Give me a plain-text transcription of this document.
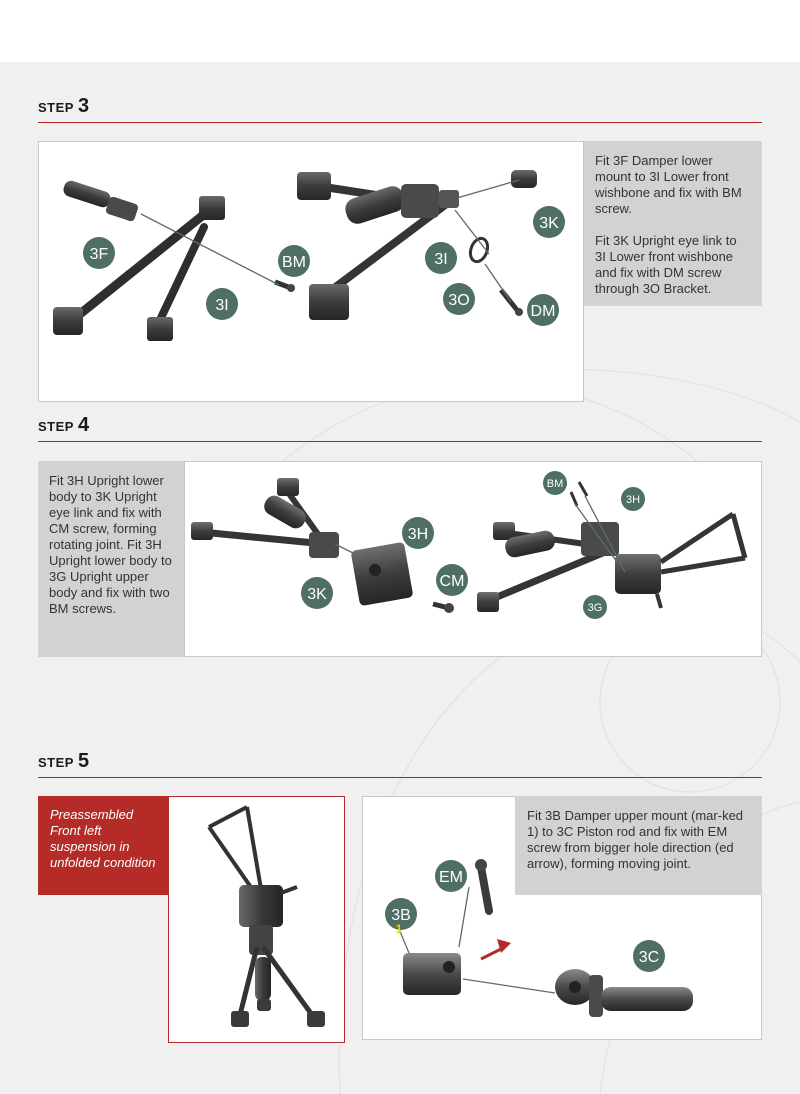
STEP 3
3F	BM
3I
3K
3I
3O
DM

Fit 3F Damper lower mount to 3I Lower front wishbone and fix with BM screw.

Fit 3K Upright eye link to 3I Lower front wishbone and fix with DM screw through 3O Bracket.

STEP 4

Fit 3H Upright lower body to 3K Upright eye link and fix with CM screw, forming rotating joint. Fit 3H Upright lower body to 3G Upright upper body and fix with two BM screws.

3H
3K
CM
BM
3H
3G
STEP 5
Preassembled Front left suspension in unfolded condition
EM
3B
3C
1

Fit 3B Damper upper mount (mar-ked 1) to 3C Piston rod and fix with EM screw from bigger hole direction (ed arrow), forming moving joint.
